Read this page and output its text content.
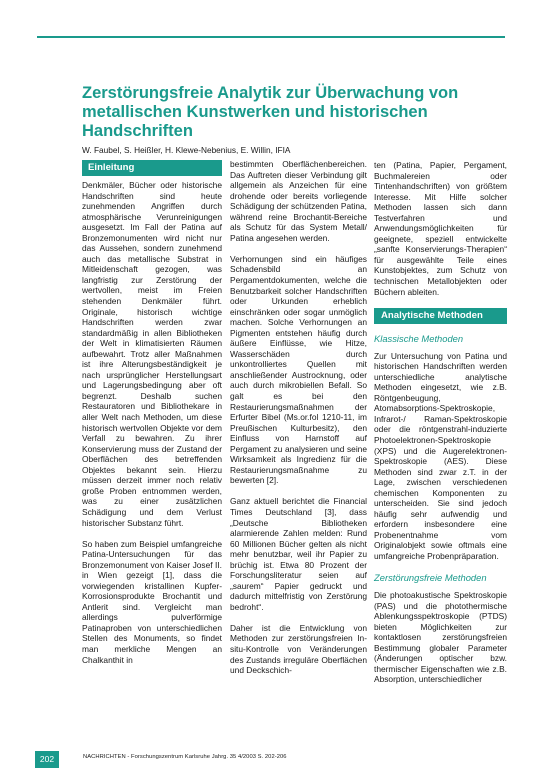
Zerstörungsfreie Analytik zur Überwachung von metallischen Kunstwerken und historischen Handschriften
W. Faubel, S. Heißler, H. Klewe-Nebenius, E. Willin, IFIA
Einleitung

Denkmäler, Bücher oder historische Handschriften sind heute zunehmenden Angriffen durch atmosphärische Verunreinigungen ausgesetzt. Im Fall der Patina auf Bronzemonumenten wird nicht nur das Aussehen, sondern zunehmend auch das metallische Substrat in Mitleidenschaft gezogen, was langfristig zur Zerstörung der wertvollen, meist im Freien stehenden Denkmäler führt. Originale, historisch wichtige Handschriften werden zwar standardmäßig in allen Bibliotheken der Welt in klimatisierten Räumen aufbewahrt. Trotz aller Maßnahmen ist ihre Alterungsbeständigkeit je nach ursprünglicher Herstellungsart und Lagerungsbedingung aber oft begrenzt. Deshalb suchen Restauratoren und Bibliothekare in aller Welt nach Methoden, um diese historisch wertvollen Objekte vor dem Verfall zu bewahren. Zu ihrer Konservierung muss der Zustand der Oberflächen des betreffenden Objektes bekannt sein. Hierzu müssen derzeit immer noch relativ große Proben entnommen werden, was zu einer zusätzlichen Schädigung und dem Verlust historischer Substanz führt.

So haben zum Beispiel umfangreiche Patina-Untersuchungen für das Bronzemonument von Kaiser Josef II. in Wien gezeigt [1], dass die vorwiegenden kristallinen Kupfer-Korrosionsprodukte Brochantit und Antlerit sind. Vergleicht man allerdings pulverförmige Patinaproben von unterschiedlichen Stellen des Monuments, so findet man merkliche Mengen an Chalkanthit in

bestimmten Oberflächenbereichen. Das Auftreten dieser Verbindung gilt allgemein als Anzeichen für eine drohende oder bereits vorliegende Schädigung der schützenden Patina, während reine Brochantit-Bereiche als Schutz für das System Metall/ Patina angesehen werden.

Verhornungen sind ein häufiges Schadensbild an Pergamentdokumenten, welche die Benutzbarkeit solcher Handschriften oder Urkunden erheblich einschränken oder sogar unmöglich machen. Solche Verhornungen an Pigmenten entstehen häufig durch äußere Einflüsse, wie Hitze, Wasserschäden durch unkontrolliertes Quellen mit anschließender Austrocknung, oder auch durch mikrobiellen Befall. So galt es bei den Restaurierungsmaßnahmen der Erfurter Bibel (Ms.or.fol 1210-11, im Preußischen Kulturbesitz), den Einfluss von Harnstoff auf Pergament zu analysieren und seine Wirksamkeit als Ingredienz für die Restaurierungsmaßnahme zu bewerten [2].

Ganz aktuell berichtet die Financial Times Deutschland [3], dass „Deutsche Bibliotheken alarmierende Zahlen melden: Rund 60 Millionen Bücher gelten als nicht mehr benutzbar, weil ihr Papier zu brüchig ist. Etwa 80 Prozent der Forschungsliteratur seien auf „saurem“ Papier gedruckt und dadurch mittelfristig von Zerstörung bedroht“.

Daher ist die Entwicklung von Methoden zur zerstörungsfreien In-situ-Kontrolle von Veränderungen des Zustands irreguläre Oberflächen und Deckschich-

ten (Patina, Papier, Pergament, Buchmalereien oder Tintenhandschriften) von größtem Interesse. Mit Hilfe solcher Methoden lassen sich dann Testverfahren und Anwendungsmöglichkeiten für geeignete, speziell entwickelte „sanfte Konservierungs-Therapien“ für ausgewählte Teile eines Kunstobjektes, zum Schutz von technischen Metallobjekten oder Büchern ableiten.

Analytische Methoden
Klassische Methoden

Zur Untersuchung von Patina und historischen Handschriften werden unterschiedliche analytische Methoden eingesetzt, wie z.B. Röntgenbeugung, Atomabsorptions-Spektroskopie, Infrarot-/ Raman-Spektroskopie oder die röntgenstrahl-induzierte Photoelektronen-Spektroskopie (XPS) und die Augerelektronen-Spektroskopie (AES). Diese Methoden sind zwar z.T. in der Lage, zwischen verschiedenen chemischen Komponenten zu unterscheiden. Sie sind jedoch häufig sehr aufwendig und erfordern insbesondere eine Probenentnahme vom Originalobjekt sowie oftmals eine umfangreiche Probenpräparation.

Zerstörungsfreie Methoden

Die photoakustische Spektroskopie (PAS) und die photothermische Ablenkungsspektroskopie (PTDS) bieten Möglichkeiten zur kontaktlosen zerstörungsfreien Bestimmung globaler Parameter (Änderungen optischer bzw. thermischer Eigenschaften wie z.B. Absorption, unterschiedlicher

202	NACHRICHTEN - Forschungszentrum Karlsruhe Jahrg. 35 4/2003 S. 202-206
